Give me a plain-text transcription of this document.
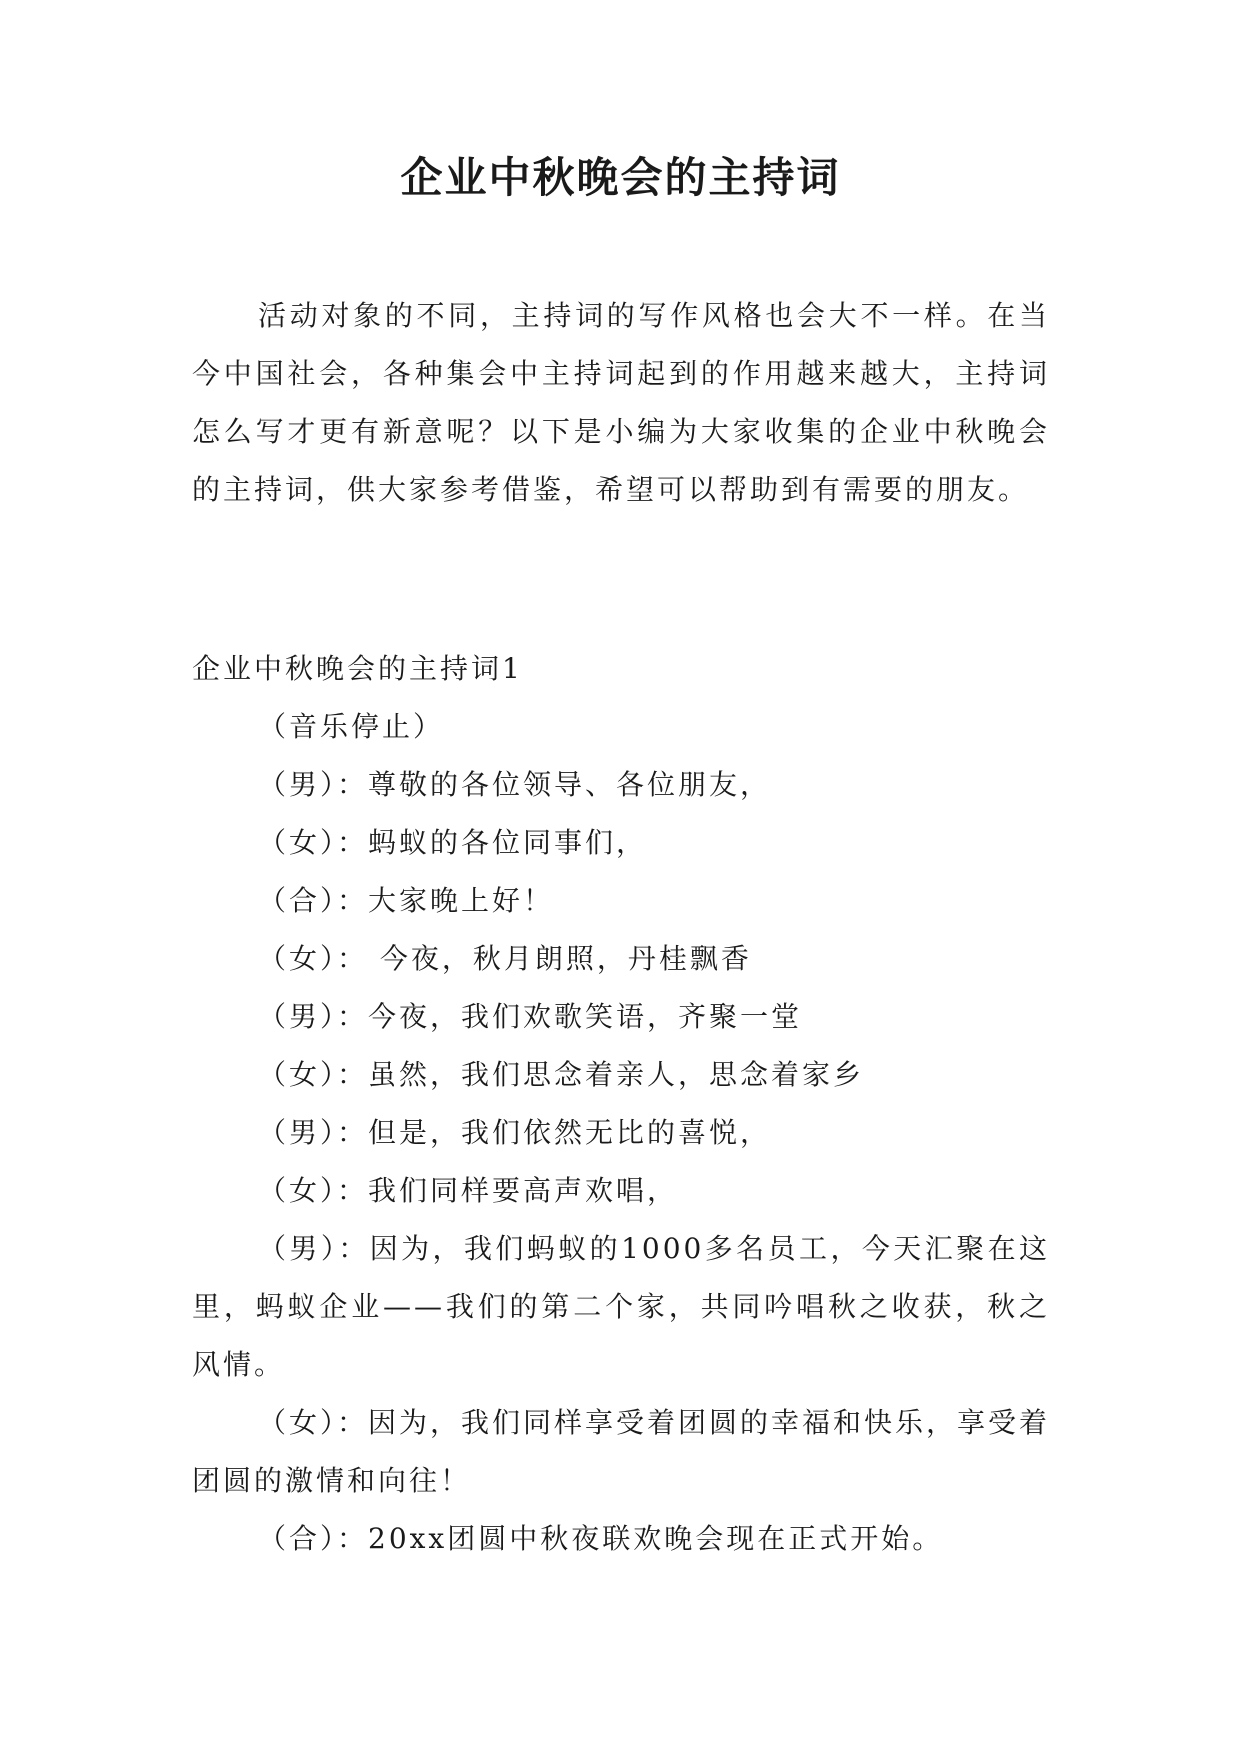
企业中秋晚会的主持词
活动对象的不同，主持词的写作风格也会大不一样。在当今中国社会，各种集会中主持词起到的作用越来越大，主持词怎么写才更有新意呢？以下是小编为大家收集的企业中秋晚会的主持词，供大家参考借鉴，希望可以帮助到有需要的朋友。

企业中秋晚会的主持词1

（音乐停止）

（男）：尊敬的各位领导、各位朋友，

（女）：蚂蚁的各位同事们，

（合）：大家晚上好！

（女）： 今夜，秋月朗照，丹桂飘香

（男）：今夜，我们欢歌笑语，齐聚一堂

（女）：虽然，我们思念着亲人，思念着家乡

（男）：但是，我们依然无比的喜悦，

（女）：我们同样要高声欢唱，

（男）：因为，我们蚂蚁的1000多名员工，今天汇聚在这里，蚂蚁企业——我们的第二个家，共同吟唱秋之收获，秋之风情。

（女）：因为，我们同样享受着团圆的幸福和快乐，享受着团圆的激情和向往！

（合）：20xx团圆中秋夜联欢晚会现在正式开始。
